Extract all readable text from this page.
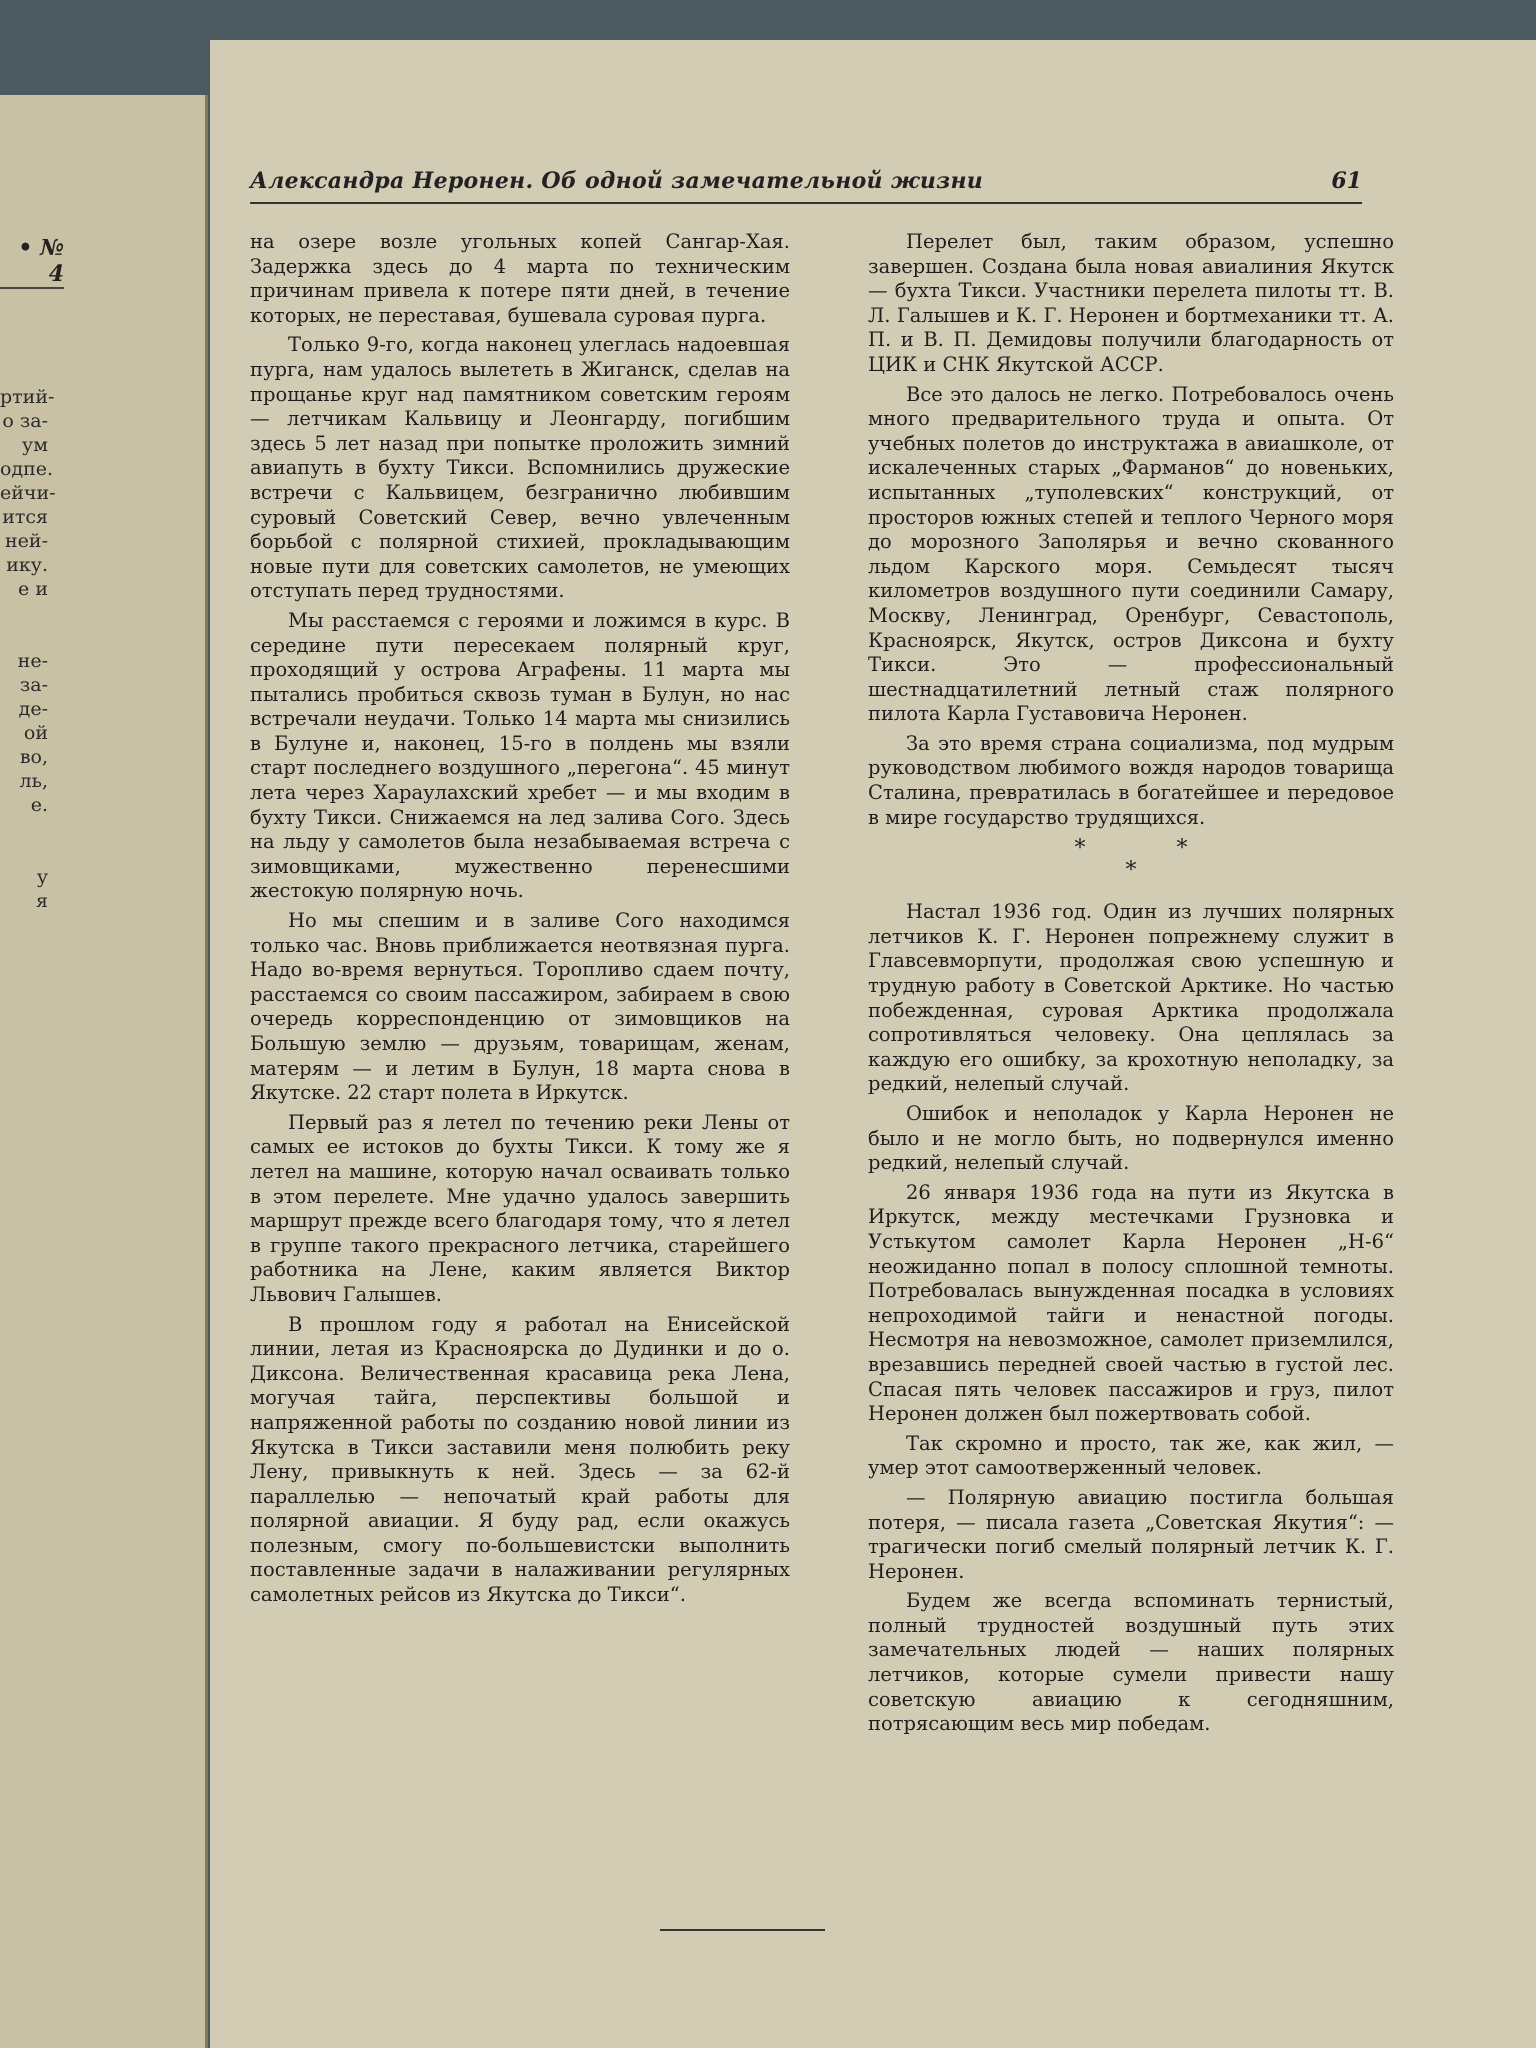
• № 4
ртий-
о за-
ум
одпе.
ейчи-
ится
ней-
ику.
е и

не-
за-
де-
ой
во,
ль,
е.

у
я
Александра Неронен. Об одной замечательной жизни	61

на озере возле угольных копей Сангар-Хая. Задержка здесь до 4 марта по техническим причинам привела к потере пяти дней, в течение которых, не переставая, бушевала суровая пурга.

Только 9-го, когда наконец улеглась надоевшая пурга, нам удалось вылететь в Жиганск, сделав на прощанье круг над памятником советским героям — летчикам Кальвицу и Леонгарду, погибшим здесь 5 лет назад при попытке проложить зимний авиапуть в бухту Тикси. Вспомнились дружеские встречи с Кальвицем, безгранично любившим суровый Советский Север, вечно увлеченным борьбой с полярной стихией, прокладывающим новые пути для советских самолетов, не умеющих отступать перед трудностями.

Мы расстаемся с героями и ложимся в курс. В середине пути пересекаем полярный круг, проходящий у острова Аграфены. 11 марта мы пытались пробиться сквозь туман в Булун, но нас встречали неудачи. Только 14 марта мы снизились в Булуне и, наконец, 15-го в полдень мы взяли старт последнего воздушного „перегона“. 45 минут лета через Хараулахский хребет — и мы входим в бухту Тикси. Снижаемся на лед залива Сого. Здесь на льду у самолетов была незабываемая встреча с зимовщиками, мужественно перенесшими жестокую полярную ночь.

Но мы спешим и в заливе Сого находимся только час. Вновь приближается неотвязная пурга. Надо во-время вернуться. Торопливо сдаем почту, расстаемся со своим пассажиром, забираем в свою очередь корреспонденцию от зимовщиков на Большую землю — друзьям, товарищам, женам, матерям — и летим в Булун, 18 марта снова в Якутске. 22 старт полета в Иркутск.

Первый раз я летел по течению реки Лены от самых ее истоков до бухты Тикси. К тому же я летел на машине, которую начал осваивать только в этом перелете. Мне удачно удалось завершить маршрут прежде всего благодаря тому, что я летел в группе такого прекрасного летчика, старейшего работника на Лене, каким является Виктор Львович Галышев.

В прошлом году я работал на Енисейской линии, летая из Красноярска до Дудинки и до о. Диксона. Величественная красавица река Лена, могучая тайга, перспективы большой и напряженной работы по созданию новой линии из Якутска в Тикси заставили меня полюбить реку Лену, привыкнуть к ней. Здесь — за 62-й параллелью — непочатый край работы для полярной авиации. Я буду рад, если окажусь полезным, смогу по-большевистски выполнить поставленные задачи в налаживании регулярных самолетных рейсов из Якутска до Тикси“.

Перелет был, таким образом, успешно завершен. Создана была новая авиалиния Якутск — бухта Тикси. Участники перелета пилоты тт. В. Л. Галышев и К. Г. Неронен и бортмеханики тт. А. П. и В. П. Демидовы получили благодарность от ЦИК и СНК Якутской АССР.

Все это далось не легко. Потребовалось очень много предварительного труда и опыта. От учебных полетов до инструктажа в авиашколе, от искалеченных старых „Фарманов“ до новеньких, испытанных „туполевских“ конструкций, от просторов южных степей и теплого Черного моря до морозного Заполярья и вечно скованного льдом Карского моря. Семьдесят тысяч километров воздушного пути соединили Самару, Москву, Ленинград, Оренбург, Севастополь, Красноярск, Якутск, остров Диксона и бухту Тикси. Это — профессиональный шестнадцатилетний летный стаж полярного пилота Карла Густавовича Неронен.

За это время страна социализма, под мудрым руководством любимого вождя народов товарища Сталина, превратилась в богатейшее и передовое в мире государство трудящихся.

* *
*

Настал 1936 год. Один из лучших полярных летчиков К. Г. Неронен попрежнему служит в Главсевморпути, продолжая свою успешную и трудную работу в Советской Арктике. Но частью побежденная, суровая Арктика продолжала сопротивляться человеку. Она цеплялась за каждую его ошибку, за крохотную неполадку, за редкий, нелепый случай.

Ошибок и неполадок у Карла Неронен не было и не могло быть, но подвернулся именно редкий, нелепый случай.

26 января 1936 года на пути из Якутска в Иркутск, между местечками Грузновка и Устькутом самолет Карла Неронен „Н-6“ неожиданно попал в полосу сплошной темноты. Потребовалась вынужденная посадка в условиях непроходимой тайги и ненастной погоды. Несмотря на невозможное, самолет приземлился, врезавшись передней своей частью в густой лес. Спасая пять человек пассажиров и груз, пилот Неронен должен был пожертвовать собой.

Так скромно и просто, так же, как жил, — умер этот самоотверженный человек.

— Полярную авиацию постигла большая потеря, — писала газета „Советская Якутия“: — трагически погиб смелый полярный летчик К. Г. Неронен.

Будем же всегда вспоминать тернистый, полный трудностей воздушный путь этих замечательных людей — наших полярных летчиков, которые сумели привести нашу советскую авиацию к сегодняшним, потрясающим весь мир победам.
